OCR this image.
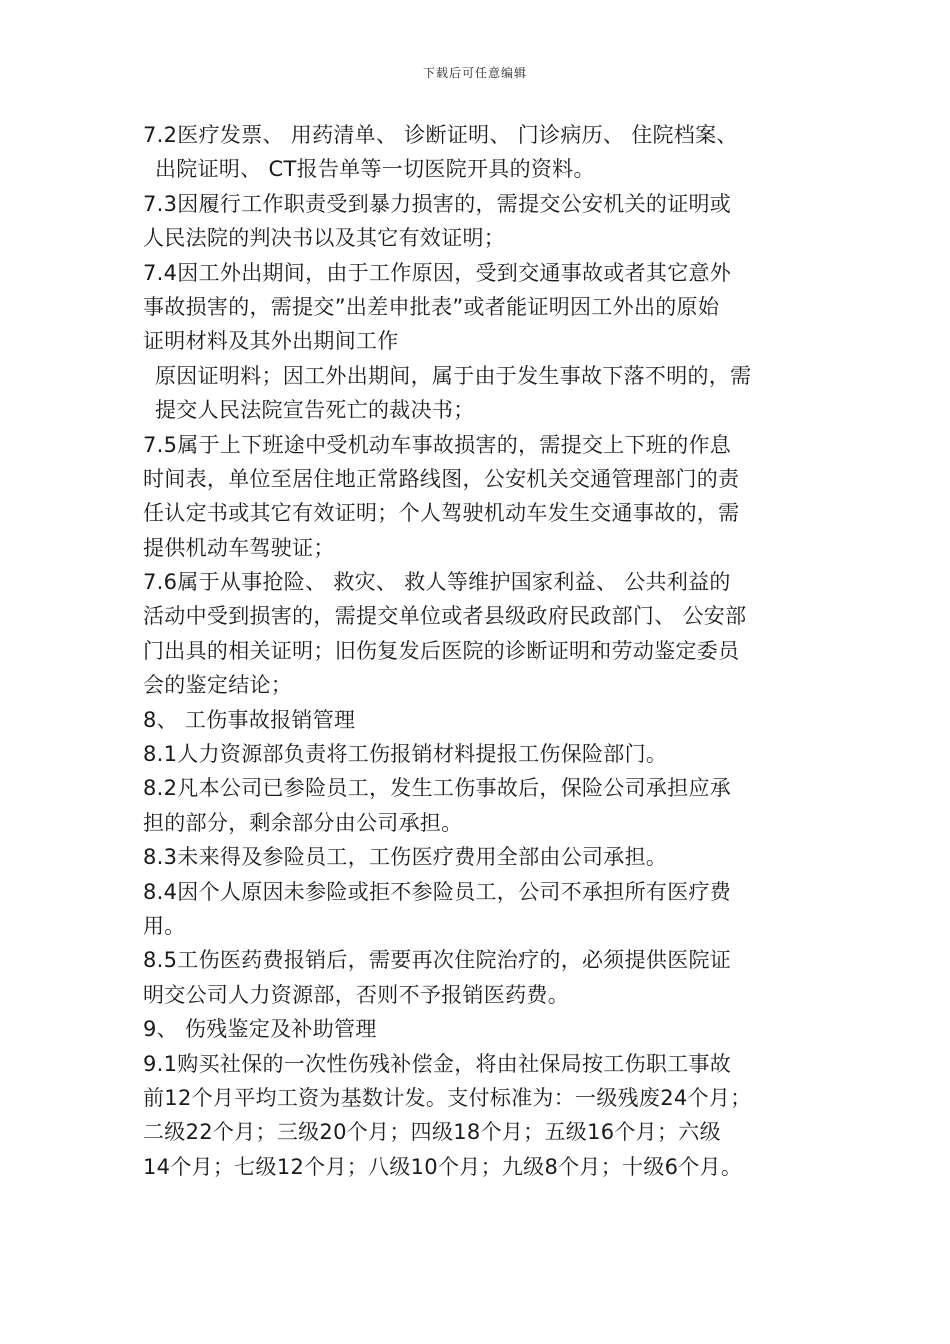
下载后可任意编辑
7.2医疗发票、 用药清单、 诊断证明、 门诊病历、 住院档案、
出院证明、 CT报告单等一切医院开具的资料。
7.3因履行工作职责受到暴力损害的，需提交公安机关的证明或
人民法院的判决书以及其它有效证明；
7.4因工外出期间，由于工作原因，受到交通事故或者其它意外
事故损害的，需提交”出差申批表”或者能证明因工外出的原始
证明材料及其外出期间工作
原因证明料；因工外出期间，属于由于发生事故下落不明的，需
提交人民法院宣告死亡的裁决书；
7.5属于上下班途中受机动车事故损害的，需提交上下班的作息
时间表，单位至居住地正常路线图，公安机关交通管理部门的责
任认定书或其它有效证明；个人驾驶机动车发生交通事故的，需
提供机动车驾驶证；
7.6属于从事抢险、 救灾、 救人等维护国家利益、 公共利益的
活动中受到损害的，需提交单位或者县级政府民政部门、 公安部
门出具的相关证明；旧伤复发后医院的诊断证明和劳动鉴定委员
会的鉴定结论；
8、 工伤事故报销管理
8.1人力资源部负责将工伤报销材料提报工伤保险部门。
8.2凡本公司已参险员工，发生工伤事故后，保险公司承担应承
担的部分，剩余部分由公司承担。
8.3未来得及参险员工，工伤医疗费用全部由公司承担。
8.4因个人原因未参险或拒不参险员工，公司不承担所有医疗费
用。
8.5工伤医药费报销后，需要再次住院治疗的，必须提供医院证
明交公司人力资源部，否则不予报销医药费。
9、 伤残鉴定及补助管理
9.1购买社保的一次性伤残补偿金，将由社保局按工伤职工事故
前12个月平均工资为基数计发。支付标准为：一级残废24个月；
二级22个月；三级20个月；四级18个月；五级16个月；六级
14个月；七级12个月；八级10个月；九级8个月；十级6个月。
